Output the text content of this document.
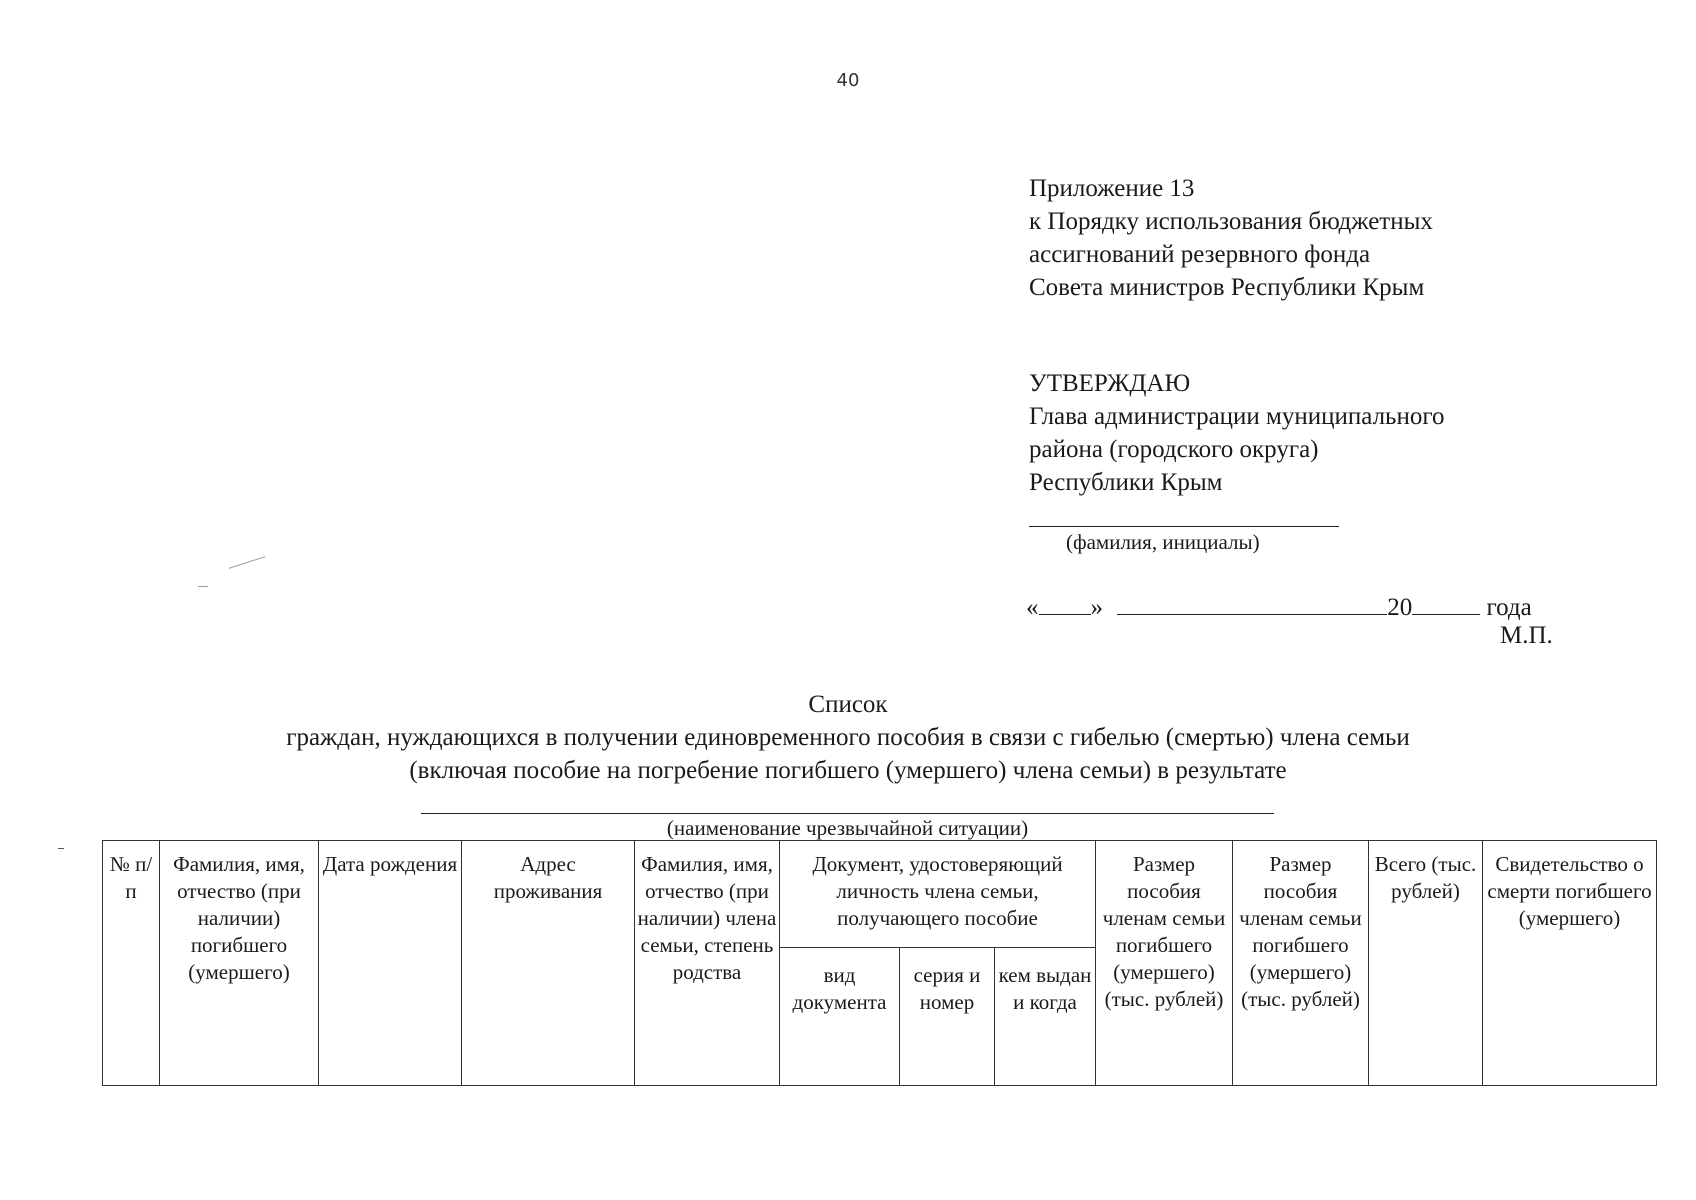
40
Приложение 13
к Порядку использования бюджетных
ассигнований резервного фонда
Совета министров Республики Крым
УТВЕРЖДАЮ
Глава администрации муниципального
района (городского округа)
Республики Крым
(фамилия, инициалы)
« »	20	года
М.П.
Список
граждан, нуждающихся в получении единовременного пособия в связи с гибелью (смертью) члена семьи
(включая пособие на погребение погибшего (умершего) члена семьи) в результате
(наименование чрезвычайной ситуации)
№ п/п	Фамилия, имя, отчество (при наличии) погибшего (умершего)	Дата рождения	Адрес проживания	Фамилия, имя, отчество (при наличии) члена семьи, степень родства	Документ, удостоверяющий личность члена семьи, получающего пособие			Размер пособия членам семьи погибшего (умершего) (тыс. рублей)	Размер пособия членам семьи погибшего (умершего) (тыс. рублей)	Всего (тыс. рублей)	Свидетельство о смерти погибшего (умершего)
					вид документа	серия и номер	кем выдан и когда				
